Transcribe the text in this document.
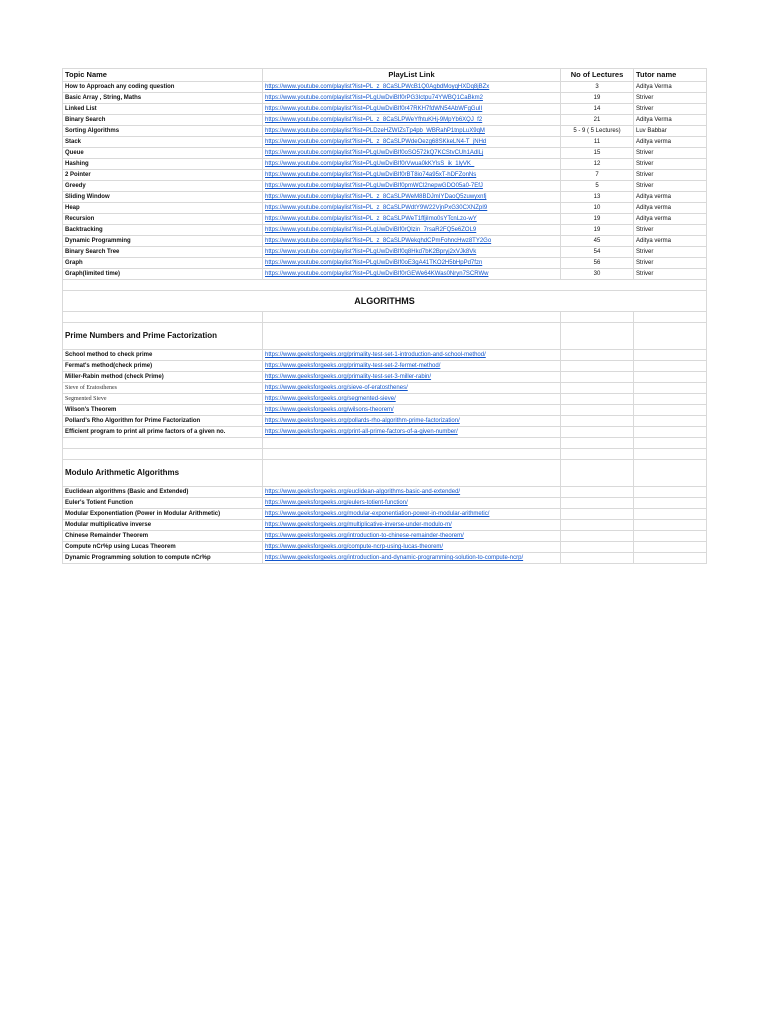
Topic Name	PlayList Link	No of Lectures	Tutor name
How to Approach any coding question	https://www.youtube.com/playlist?list=PL_z_8CaSLPWcB1Q0AgbdMoyqHXDq8jBZx	3	Aditya Verma
Basic Array , String, Maths	https://www.youtube.com/playlist?list=PLgUwDviBIf0rPG3Ictpu74YWBQ1CaBkm2	19	Striver
Linked List	https://www.youtube.com/playlist?list=PLgUwDviBIf0r47RKH7fdWN54AbWFgGuII	14	Striver
Binary Search	https://www.youtube.com/playlist?list=PL_z_8CaSLPWeYfhtuKHj-9MpYb6XQJ_f2	21	Aditya Verma
Sorting Algorithms	https://www.youtube.com/playlist?list=PLDzeHZWIZsTp4pb_WBRahP1tnpLuX9qM	5 - 9 ( 5 Lectures)	Luv Babbar
Stack	https://www.youtube.com/playlist?list=PL_z_8CaSLPWdeOezg68SKkeLN4-T_jNHd	11	Aditya verma
Queue	https://www.youtube.com/playlist?list=PLgUwDviBIf0oSO572kQ7KCStvCUh1AdlLj	15	Striver
Hashing	https://www.youtube.com/playlist?list=PLgUwDviBIf0rVwua0kKYlsS_ik_1lyVK_	12	Striver
2 Pointer	https://www.youtube.com/playlist?list=PLgUwDviBIf0rBT8io74a95xT-hDFZonNs	7	Striver
Greedy	https://www.youtube.com/playlist?list=PLgUwDviBIf0pmWCl2nepwGDO05a0-7EfJ	5	Striver
Sliding Window	https://www.youtube.com/playlist?list=PL_z_8CaSLPWeM8BDJmIYDaoQ5zuwyxnfj	13	Aditya verma
Heap	https://www.youtube.com/playlist?list=PL_z_8CaSLPWdtY9W22VjnPxG30CXNZpI9	10	Aditya verma
Recursion	https://www.youtube.com/playlist?list=PL_z_8CaSLPWeT1ffjiImo0sYTcnLzo-wY	19	Aditya verma
Backtracking	https://www.youtube.com/playlist?list=PLgUwDviBIf0rQlzin_7rsaR2FQ5e6ZOL9	19	Striver
Dynamic Programming	https://www.youtube.com/playlist?list=PL_z_8CaSLPWekqhdCPmFohncHwz8TY2Go	45	Aditya verma
Binary Search Tree	https://www.youtube.com/playlist?list=PLgUwDviBIf0q8Hkd7bK2Bpryj2xVJk8Vk	54	Striver
Graph	https://www.youtube.com/playlist?list=PLgUwDviBIf0oE3gA41TKO2H5bHpPd7fzn	56	Striver
Graph(limited time)	https://www.youtube.com/playlist?list=PLgUwDviBIf0rGEWe64KWas0Nryn7SCRWw	30	Striver

ALGORITHMS			

Prime Numbers and Prime Factorization			
School method to check prime	https://www.geeksforgeeks.org/primality-test-set-1-introduction-and-school-method/		
Fermat's method(check prime)	https://www.geeksforgeeks.org/primality-test-set-2-fermet-method/		
Miller-Rabin method (check Prime)	https://www.geeksforgeeks.org/primality-test-set-3-miller-rabin/		
Sieve of Eratosthenes	https://www.geeksforgeeks.org/sieve-of-eratosthenes/		
Segmented Sieve	https://www.geeksforgeeks.org/segmented-sieve/		
Wilson's Theorem	https://www.geeksforgeeks.org/wilsons-theorem/		
Pollard's Rho Algorithm for Prime Factorization	https://www.geeksforgeeks.org/pollards-rho-algorithm-prime-factorization/		
Efficient program to print all prime factors of a given no.	https://www.geeksforgeeks.org/print-all-prime-factors-of-a-given-number/		

Modulo Arithmetic Algorithms			
Euclidean algorithms (Basic and Extended)	https://www.geeksforgeeks.org/euclidean-algorithms-basic-and-extended/		
Euler's Totient Function	https://www.geeksforgeeks.org/eulers-totient-function/		
Modular Exponentiation (Power in Modular Arithmetic)	https://www.geeksforgeeks.org/modular-exponentiation-power-in-modular-arithmetic/		
Modular multiplicative inverse	https://www.geeksforgeeks.org/multiplicative-inverse-under-modulo-m/		
Chinese Remainder Theorem	https://www.geeksforgeeks.org/introduction-to-chinese-remainder-theorem/		
Compute nCr%p using Lucas Theorem	https://www.geeksforgeeks.org/compute-ncrp-using-lucas-theorem/		
Dynamic Programming solution to compute nCr%p	https://www.geeksforgeeks.org/introduction-and-dynamic-programming-solution-to-compute-ncrp/		
